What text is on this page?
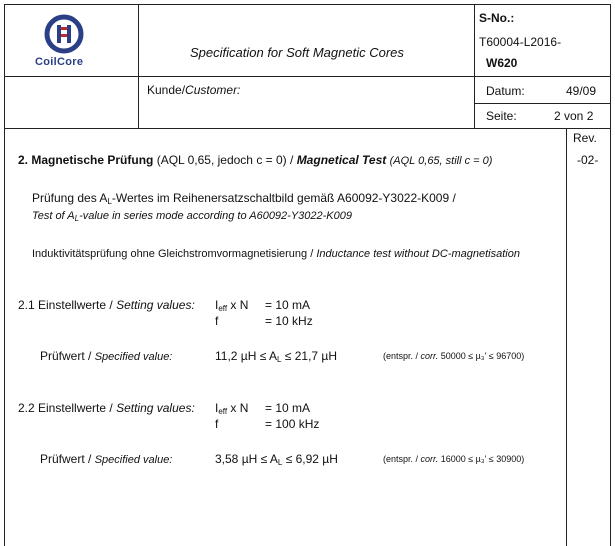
CoilCore
Specification for Soft Magnetic Cores
S-No.:
T60004-L2016-
W620
Kunde/Customer:	Datum:	49/09
Seite:	2 von 2
Rev.
-02-
2. Magnetische Prüfung (AQL 0,65, jedoch c = 0) / Magnetical Test (AQL 0,65, still c = 0)
Prüfung des $A_L$-Wertes im Reihenersatzschaltbild gemäß A60092-Y3022-K009 /
Test of $A_L$-value in series mode according to A60092-Y3022-K009
Induktivitätsprüfung ohne Gleichstromvormagnetisierung / Inductance test without DC-magnetisation
2.1 Einstellwerte / Setting values: $I_{eff}$ x N = 10 mA
f	= 10 kHz
Prüfwert / Specified value:	11,2 $\mu H \le A_L \le 21,7$ µH	(entspr. / corr. 50000 ≤ µ₃' ≤ 96700)
2.2 Einstellwerte / Setting values: $I_{eff}$ x N = 10 mA
f	= 100 kHz
Prüfwert / Specified value:	3,58 $\mu H \le A_L \le 6,92$ µH	(entspr. / corr. 16000 ≤ µ₃' ≤ 30900)
